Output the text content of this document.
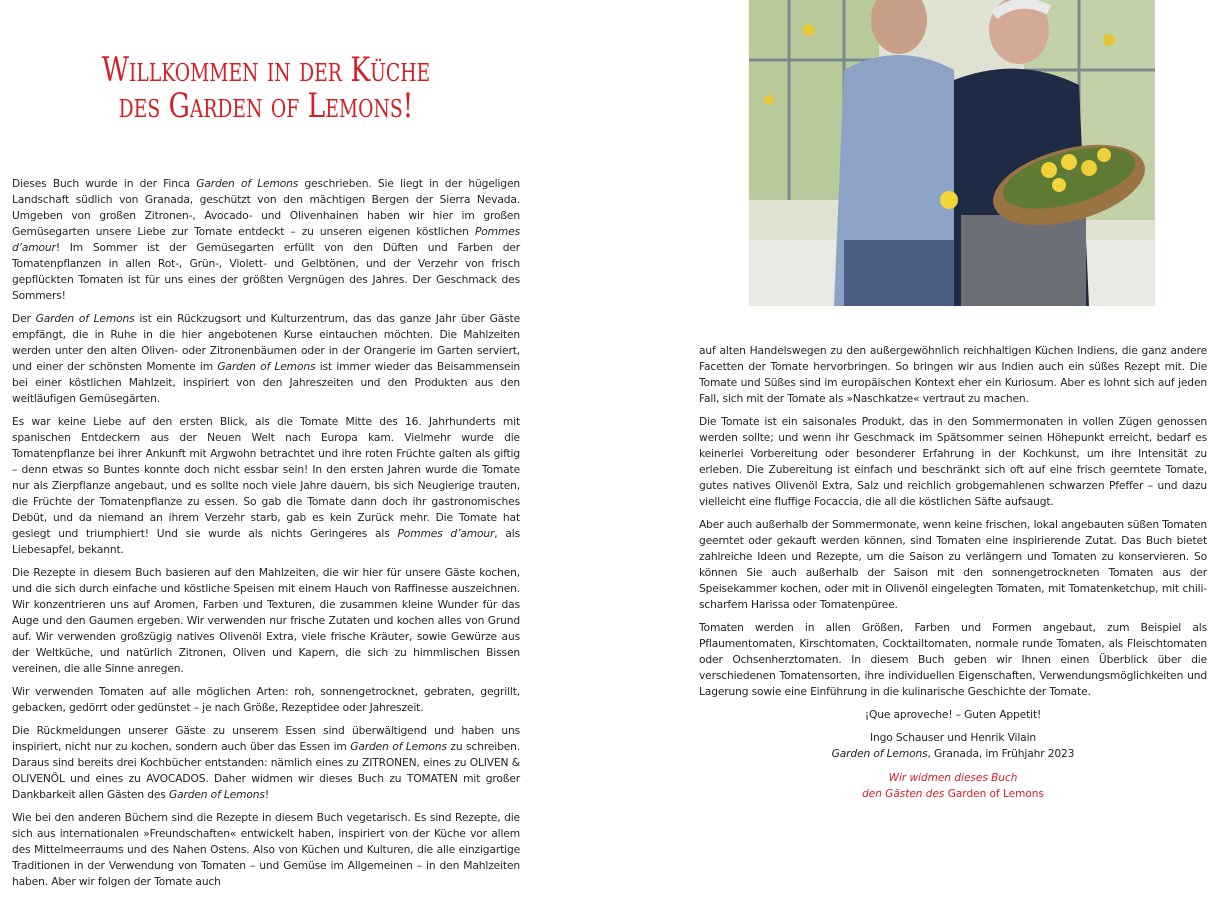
Willkommen in der Küche
des Garden of Lemons!

Dieses Buch wurde in der Finca Garden of Lemons geschrieben. Sie liegt in der hügeligen Landschaft südlich von Granada, geschützt von den mächtigen Bergen der Sierra Nevada. Umgeben von großen Zitronen-, Avocado- und Olivenhainen haben wir hier im großen Gemüsegarten unsere Liebe zur Tomate entdeckt – zu unseren eigenen köstlichen Pommes d’amour! Im Sommer ist der Gemüsegarten erfüllt von den Düften und Farben der Tomatenpflanzen in allen Rot-, Grün-, Violett- und Gelbtönen, und der Verzehr von frisch gepflückten Tomaten ist für uns eines der größten Vergnügen des Jahres. Der Geschmack des Sommers!

Der Garden of Lemons ist ein Rückzugsort und Kulturzentrum, das das ganze Jahr über Gäste empfängt, die in Ruhe in die hier angebotenen Kurse eintauchen möchten. Die Mahlzeiten werden unter den alten Oliven- oder Zitronenbäumen oder in der Orangerie im Garten serviert, und einer der schönsten Momente im Garden of Lemons ist immer wieder das Beisammensein bei einer köstlichen Mahlzeit, inspiriert von den Jahreszeiten und den Produkten aus den weitläufigen Gemüsegärten.

Es war keine Liebe auf den ersten Blick, als die Tomate Mitte des 16. Jahrhunderts mit spanischen Entdeckern aus der Neuen Welt nach Europa kam. Vielmehr wurde die Tomatenpflanze bei ihrer Ankunft mit Argwohn betrachtet und ihre roten Früchte galten als giftig – denn etwas so Buntes konnte doch nicht essbar sein! In den ersten Jahren wurde die Tomate nur als Zierpflanze angebaut, und es sollte noch viele Jahre dauern, bis sich Neugierige trauten, die Früchte der Tomatenpflanze zu essen. So gab die Tomate dann doch ihr gastronomisches Debüt, und da niemand an ihrem Verzehr starb, gab es kein Zurück mehr. Die Tomate hat gesiegt und triumphiert! Und sie wurde als nichts Geringeres als Pommes d’amour, als Liebesapfel, bekannt.

Die Rezepte in diesem Buch basieren auf den Mahlzeiten, die wir hier für unsere Gäste kochen, und die sich durch einfache und köstliche Speisen mit einem Hauch von Raffinesse auszeichnen. Wir konzentrieren uns auf Aromen, Farben und Texturen, die zusammen kleine Wunder für das Auge und den Gaumen ergeben. Wir verwenden nur frische Zutaten und kochen alles von Grund auf. Wir verwenden großzügig natives Olivenöl Extra, viele frische Kräuter, sowie Gewürze aus der Weltküche, und natürlich Zitronen, Oliven und Kapern, die sich zu himmlischen Bissen vereinen, die alle Sinne anregen.

Wir verwenden Tomaten auf alle möglichen Arten: roh, sonnengetrocknet, gebraten, gegrillt, gebacken, gedörrt oder gedünstet – je nach Größe, Rezeptidee oder Jahreszeit.

Die Rückmeldungen unserer Gäste zu unserem Essen sind überwältigend und haben uns inspiriert, nicht nur zu kochen, sondern auch über das Essen im Garden of Lemons zu schreiben. Daraus sind bereits drei Kochbücher entstanden: nämlich eines zu ZITRONEN, eines zu OLIVEN & OLIVENÖL und eines zu AVOCADOS. Daher widmen wir dieses Buch zu TOMATEN mit großer Dankbarkeit allen Gästen des Garden of Lemons!

Wie bei den anderen Büchern sind die Rezepte in diesem Buch vegetarisch. Es sind Rezepte, die sich aus internationalen »Freundschaften« entwickelt haben, inspiriert von der Küche vor allem des Mittelmeerraums und des Nahen Ostens. Also von Küchen und Kulturen, die alle einzigartige Traditionen in der Verwendung von Tomaten – und Gemüse im Allgemeinen – in den Mahlzeiten haben. Aber wir folgen der Tomate auch

auf alten Handelswegen zu den außergewöhnlich reichhaltigen Küchen Indiens, die ganz andere Facetten der Tomate hervorbringen. So bringen wir aus Indien auch ein süßes Rezept mit. Die Tomate und Süßes sind im europäischen Kontext eher ein Kuriosum. Aber es lohnt sich auf jeden Fall, sich mit der Tomate als »Naschkatze« vertraut zu machen.

Die Tomate ist ein saisonales Produkt, das in den Sommermonaten in vollen Zügen genossen werden sollte; und wenn ihr Geschmack im Spätsommer seinen Höhepunkt erreicht, bedarf es keinerlei Vorbereitung oder besonderer Erfahrung in der Kochkunst, um ihre Intensität zu erleben. Die Zubereitung ist einfach und beschränkt sich oft auf eine frisch geerntete Tomate, gutes natives Olivenöl Extra, Salz und reichlich grobgemahlenen schwarzen Pfeffer – und dazu vielleicht eine fluffige Focaccia, die all die köstlichen Säfte aufsaugt.

Aber auch außerhalb der Sommermonate, wenn keine frischen, lokal angebauten süßen Tomaten geerntet oder gekauft werden können, sind Tomaten eine inspirierende Zutat. Das Buch bietet zahlreiche Ideen und Rezepte, um die Saison zu verlängern und Tomaten zu konservieren. So können Sie auch außerhalb der Saison mit den sonnengetrockneten Tomaten aus der Speisekammer kochen, oder mit in Olivenöl eingelegten Tomaten, mit Tomatenketchup, mit chili-scharfem Harissa oder Tomatenpüree.

Tomaten werden in allen Größen, Farben und Formen angebaut, zum Beispiel als Pflaumentomaten, Kirschtomaten, Cocktailtomaten, normale runde Tomaten, als Fleischtomaten oder Ochsenherztomaten. In diesem Buch geben wir Ihnen einen Überblick über die verschiedenen Tomatensorten, ihre individuellen Eigenschaften, Verwendungsmöglichkeiten und Lagerung sowie eine Einführung in die kulinarische Geschichte der Tomate.

¡Que aproveche! – Guten Appetit!

Ingo Schauser und Henrik Vilain
Garden of Lemons, Granada, im Frühjahr 2023

Wir widmen dieses Buch
den Gästen des Garden of Lemons
